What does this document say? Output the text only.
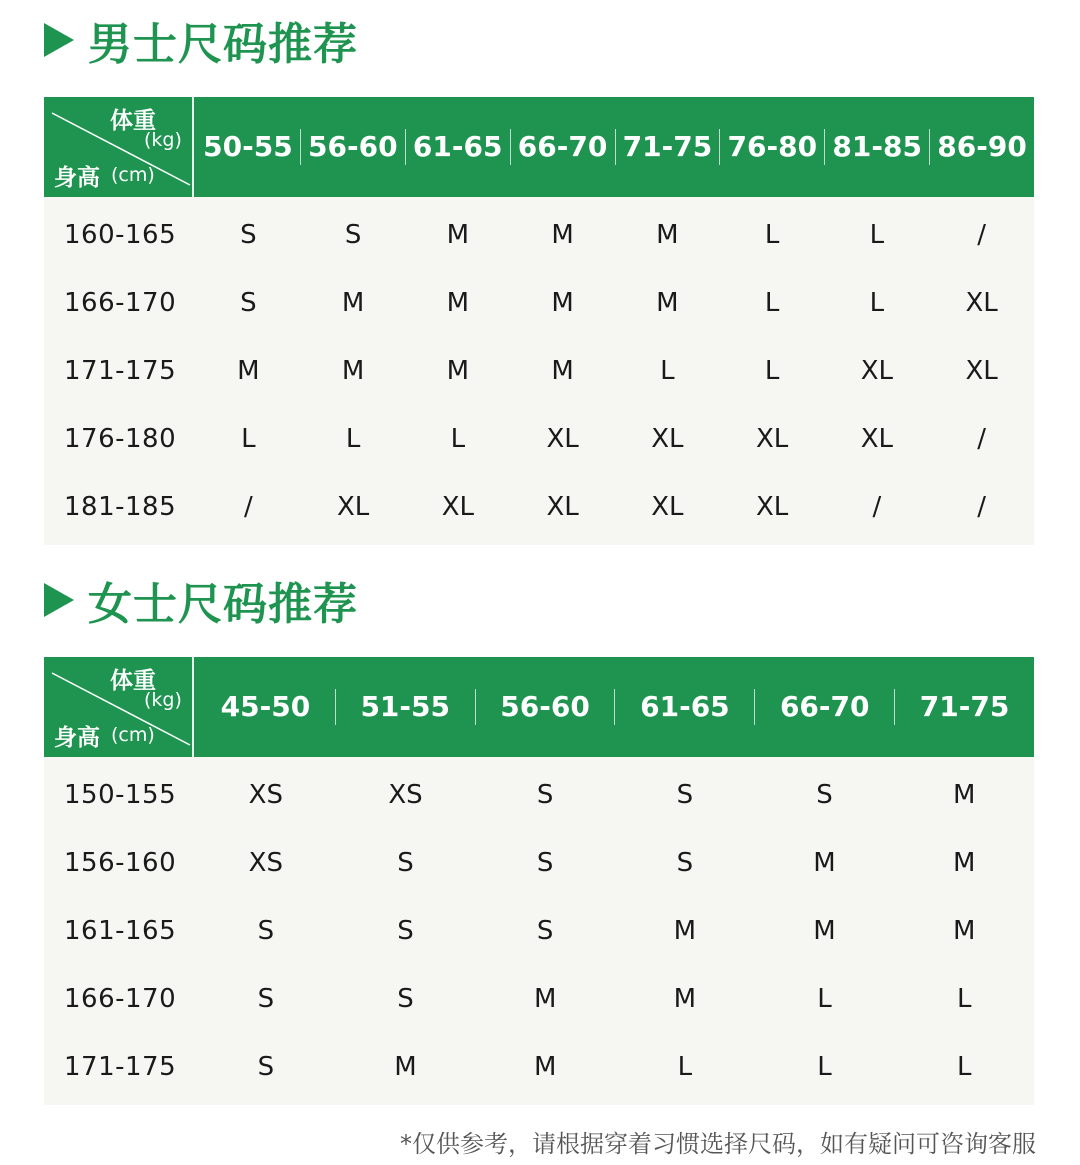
男士尺码推荐
体重
(kg)
身高 (cm)
50-55 56-60 61-65 66-70 71-75 76-80 81-85 86-90
160-165	S	S	M	M	M	L	L	/
166-170	S	M	M	M	M	L	L	XL
171-175	M	M	M	M	L	L	XL	XL
176-180	L	L	L	XL	XL	XL	XL	/
181-185	/	XL	XL	XL	XL	XL	/	/
女士尺码推荐
体重
(kg)
身高 (cm)
45-50	51-55	56-60	61-65	66-70	71-75
150-155	XS	XS	S	S	S	M
156-160	XS	S	S	S	M	M
161-165	S	S	S	M	M	M
166-170	S	S	M	M	L	L
171-175	S	M	M	L	L	L
*仅供参考，请根据穿着习惯选择尺码，如有疑问可咨询客服
